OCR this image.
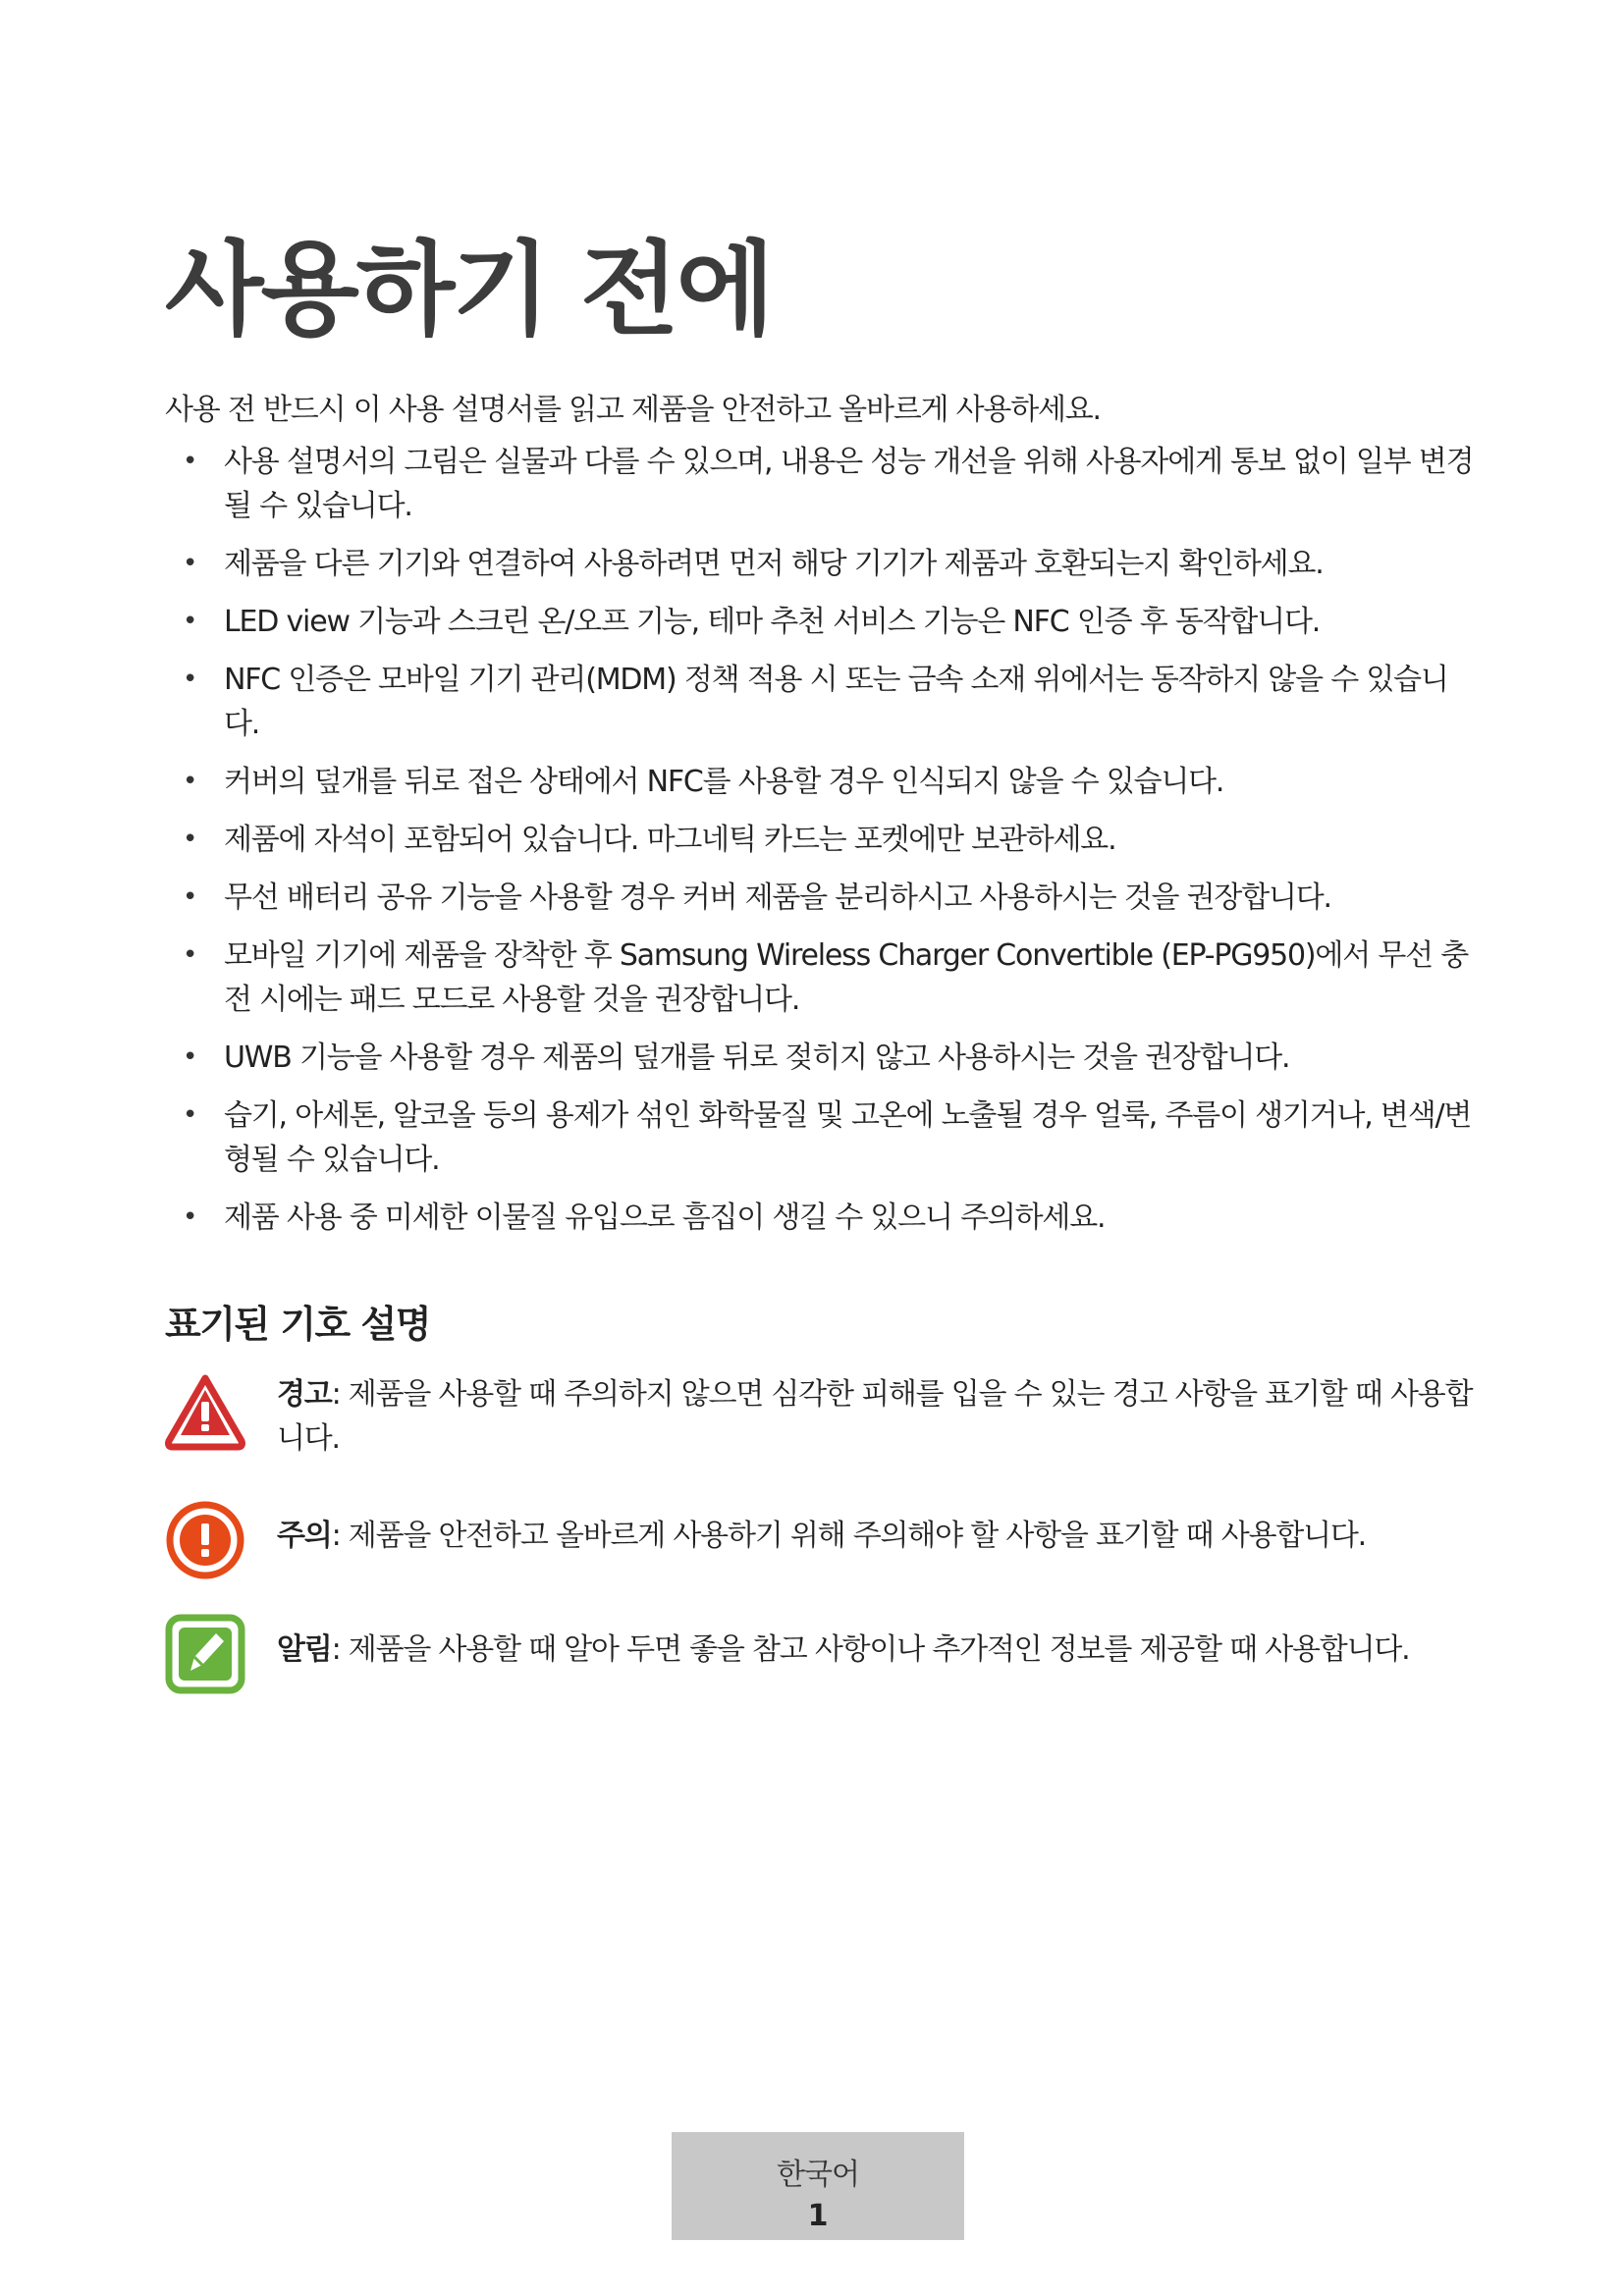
사용하기 전에
사용 전 반드시 이 사용 설명서를 읽고 제품을 안전하고 올바르게 사용하세요.
• 사용 설명서의 그림은 실물과 다를 수 있으며, 내용은 성능 개선을 위해 사용자에게 통보 없이 일부 변경될 수 있습니다.
• 제품을 다른 기기와 연결하여 사용하려면 먼저 해당 기기가 제품과 호환되는지 확인하세요.
• LED view 기능과 스크린 온/오프 기능, 테마 추천 서비스 기능은 NFC 인증 후 동작합니다.
• NFC 인증은 모바일 기기 관리(MDM) 정책 적용 시 또는 금속 소재 위에서는 동작하지 않을 수 있습니다.
• 커버의 덮개를 뒤로 접은 상태에서 NFC를 사용할 경우 인식되지 않을 수 있습니다.
• 제품에 자석이 포함되어 있습니다. 마그네틱 카드는 포켓에만 보관하세요.
• 무선 배터리 공유 기능을 사용할 경우 커버 제품을 분리하시고 사용하시는 것을 권장합니다.
• 모바일 기기에 제품을 장착한 후 Samsung Wireless Charger Convertible (EP-PG950)에서 무선 충전 시에는 패드 모드로 사용할 것을 권장합니다.
• UWB 기능을 사용할 경우 제품의 덮개를 뒤로 젖히지 않고 사용하시는 것을 권장합니다.
• 습기, 아세톤, 알코올 등의 용제가 섞인 화학물질 및 고온에 노출될 경우 얼룩, 주름이 생기거나, 변색/변형될 수 있습니다.
• 제품 사용 중 미세한 이물질 유입으로 흠집이 생길 수 있으니 주의하세요.
표기된 기호 설명
경고: 제품을 사용할 때 주의하지 않으면 심각한 피해를 입을 수 있는 경고 사항을 표기할 때 사용합니다.
주의: 제품을 안전하고 올바르게 사용하기 위해 주의해야 할 사항을 표기할 때 사용합니다.
알림: 제품을 사용할 때 알아 두면 좋을 참고 사항이나 추가적인 정보를 제공할 때 사용합니다.
한국어
1
